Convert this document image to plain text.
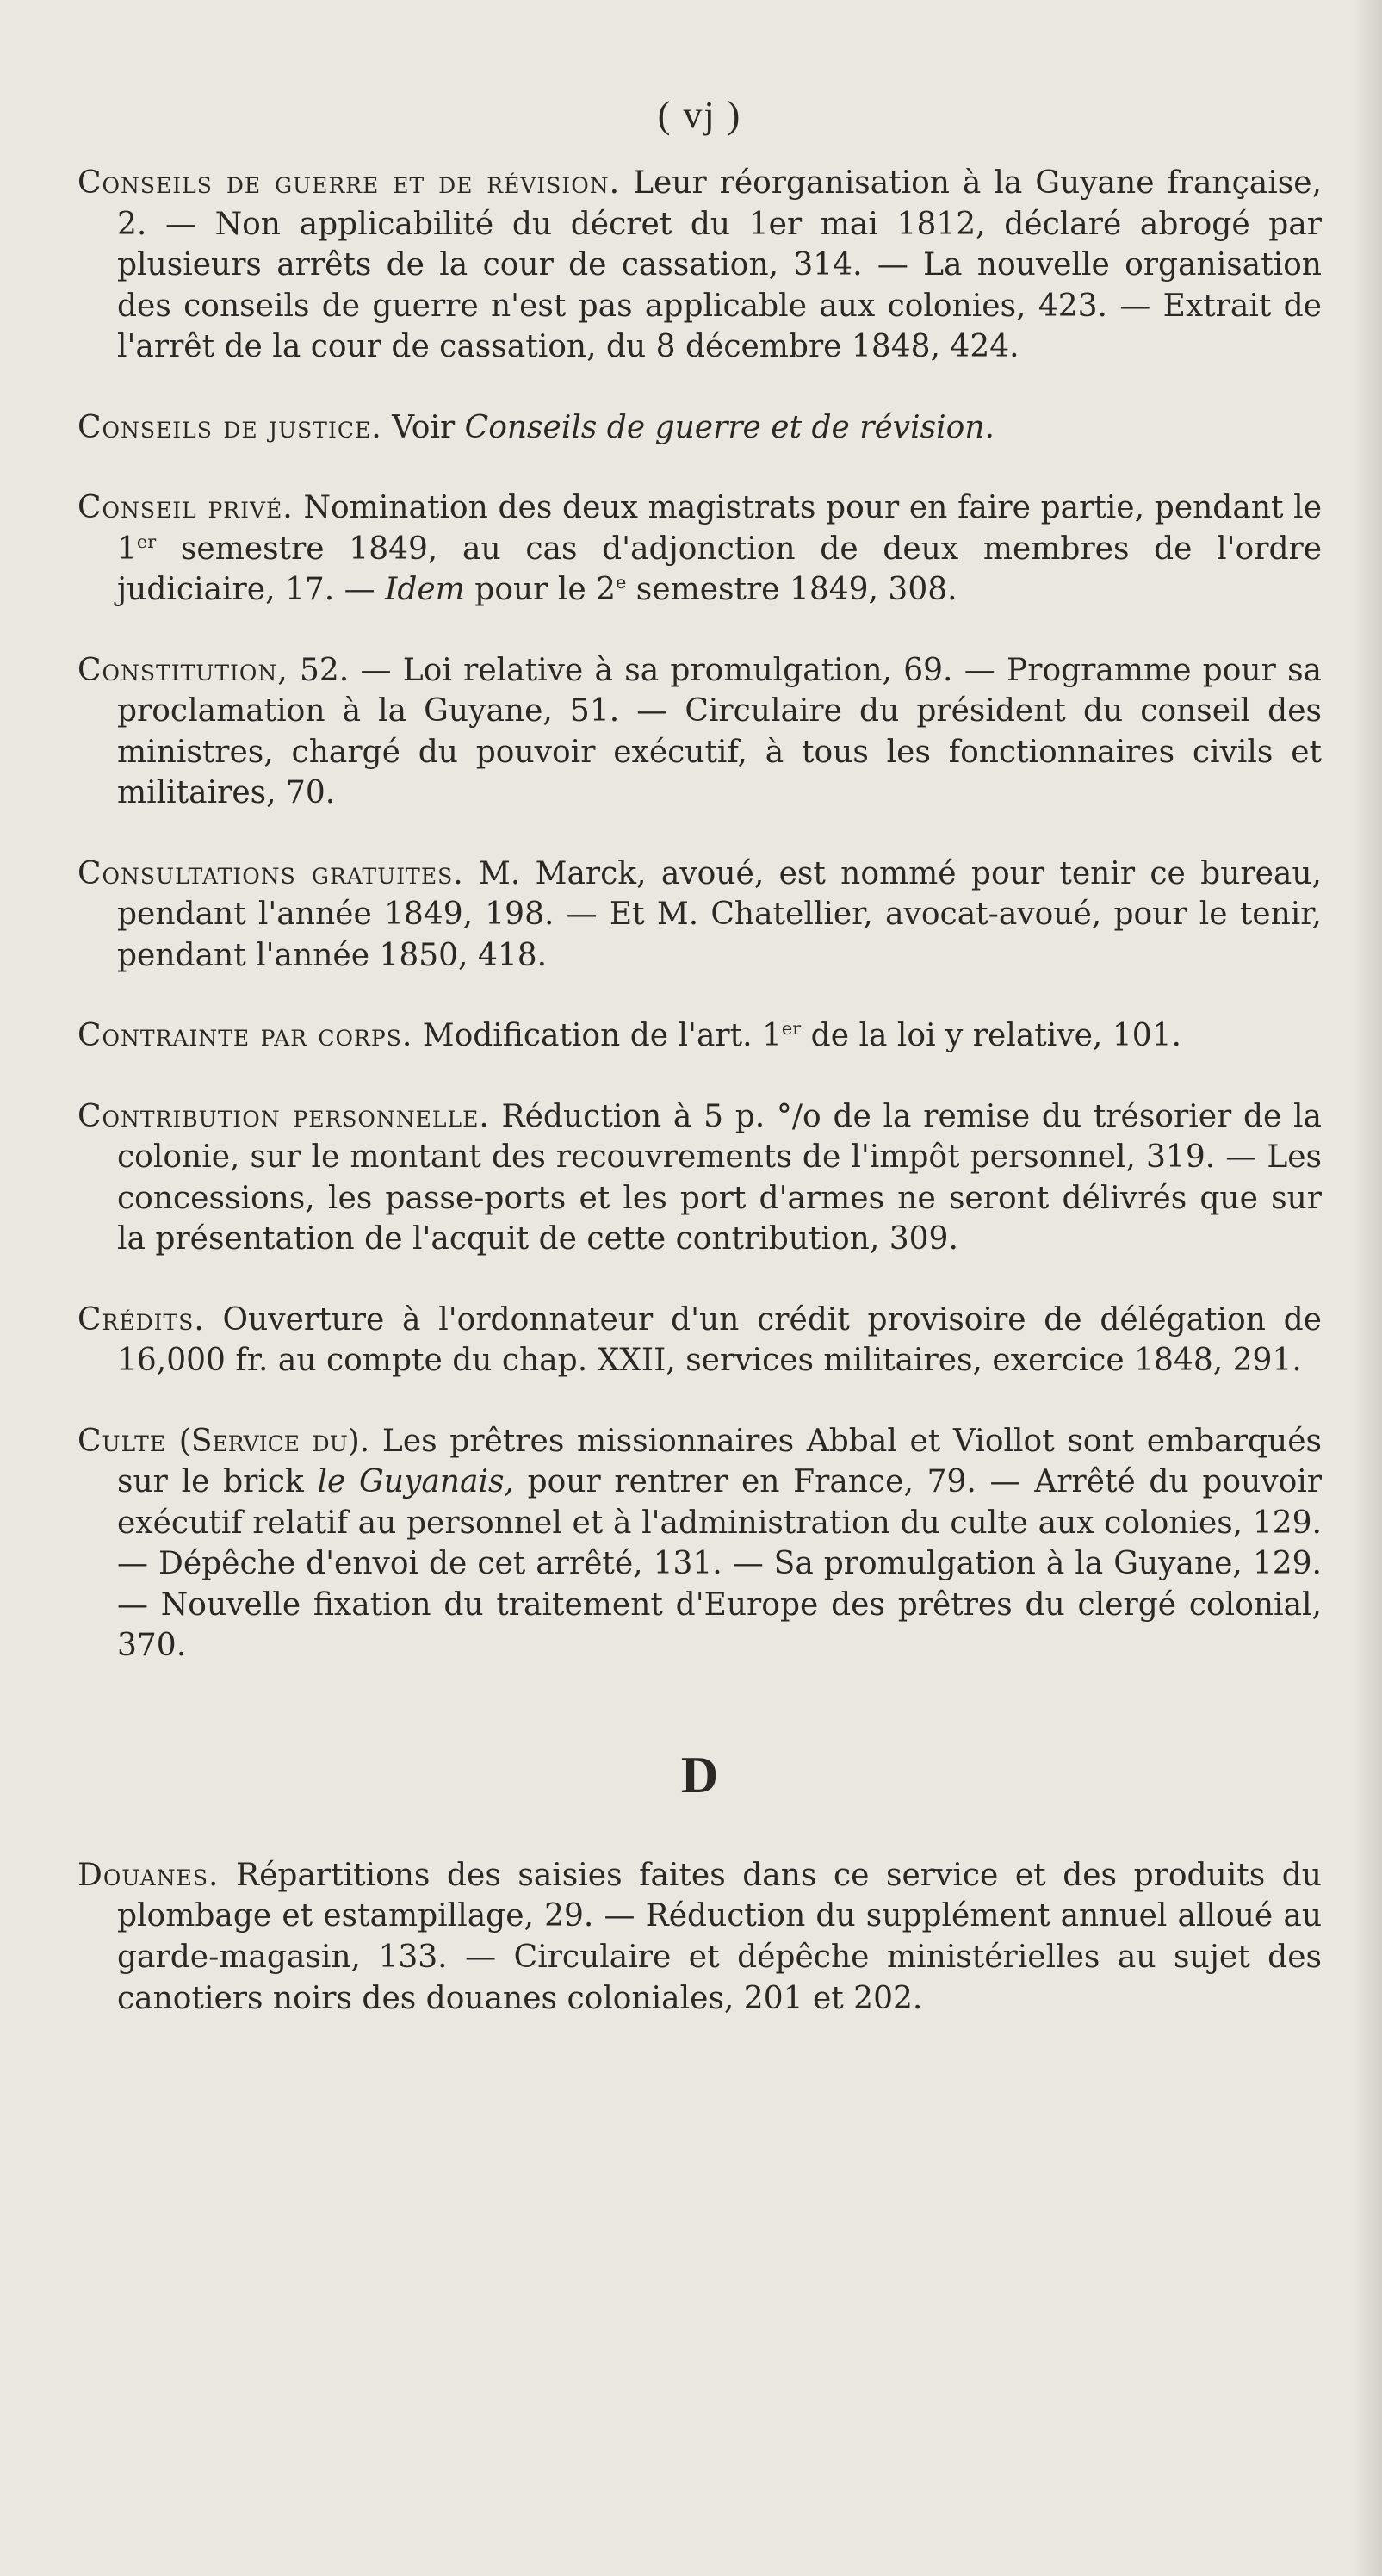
( vj )

Conseils de guerre et de révision. Leur réorganisation à la Guyane française, 2. — Non applicabilité du décret du 1er mai 1812, déclaré abrogé par plusieurs arrêts de la cour de cassation, 314. — La nouvelle organisation des conseils de guerre n'est pas applicable aux colonies, 423. — Extrait de l'arrêt de la cour de cassation, du 8 décembre 1848, 424.

Conseils de justice. Voir Conseils de guerre et de révision.

Conseil privé. Nomination des deux magistrats pour en faire partie, pendant le 1er semestre 1849, au cas d'adjonction de deux membres de l'ordre judiciaire, 17. — Idem pour le 2e semestre 1849, 308.

Constitution, 52. — Loi relative à sa promulgation, 69. — Programme pour sa proclamation à la Guyane, 51. — Circulaire du président du conseil des ministres, chargé du pouvoir exécutif, à tous les fonctionnaires civils et militaires, 70.

Consultations gratuites. M. Marck, avoué, est nommé pour tenir ce bureau, pendant l'année 1849, 198. — Et M. Chatellier, avocat-avoué, pour le tenir, pendant l'année 1850, 418.

Contrainte par corps. Modification de l'art. 1er de la loi y relative, 101.

Contribution personnelle. Réduction à 5 p. °/o de la remise du trésorier de la colonie, sur le montant des recouvrements de l'impôt personnel, 319. — Les concessions, les passe-ports et les port d'armes ne seront délivrés que sur la présentation de l'acquit de cette contribution, 309.

Crédits. Ouverture à l'ordonnateur d'un crédit provisoire de délégation de 16,000 fr. au compte du chap. XXII, services militaires, exercice 1848, 291.

Culte (Service du). Les prêtres missionnaires Abbal et Viollot sont embarqués sur le brick le Guyanais, pour rentrer en France, 79. — Arrêté du pouvoir exécutif relatif au personnel et à l'administration du culte aux colonies, 129. — Dépêche d'envoi de cet arrêté, 131. — Sa promulgation à la Guyane, 129. — Nouvelle fixation du traitement d'Europe des prêtres du clergé colonial, 370.

D

Douanes. Répartitions des saisies faites dans ce service et des produits du plombage et estampillage, 29. — Réduction du supplément annuel alloué au garde-magasin, 133. — Circulaire et dépêche ministérielles au sujet des canotiers noirs des douanes coloniales, 201 et 202.
